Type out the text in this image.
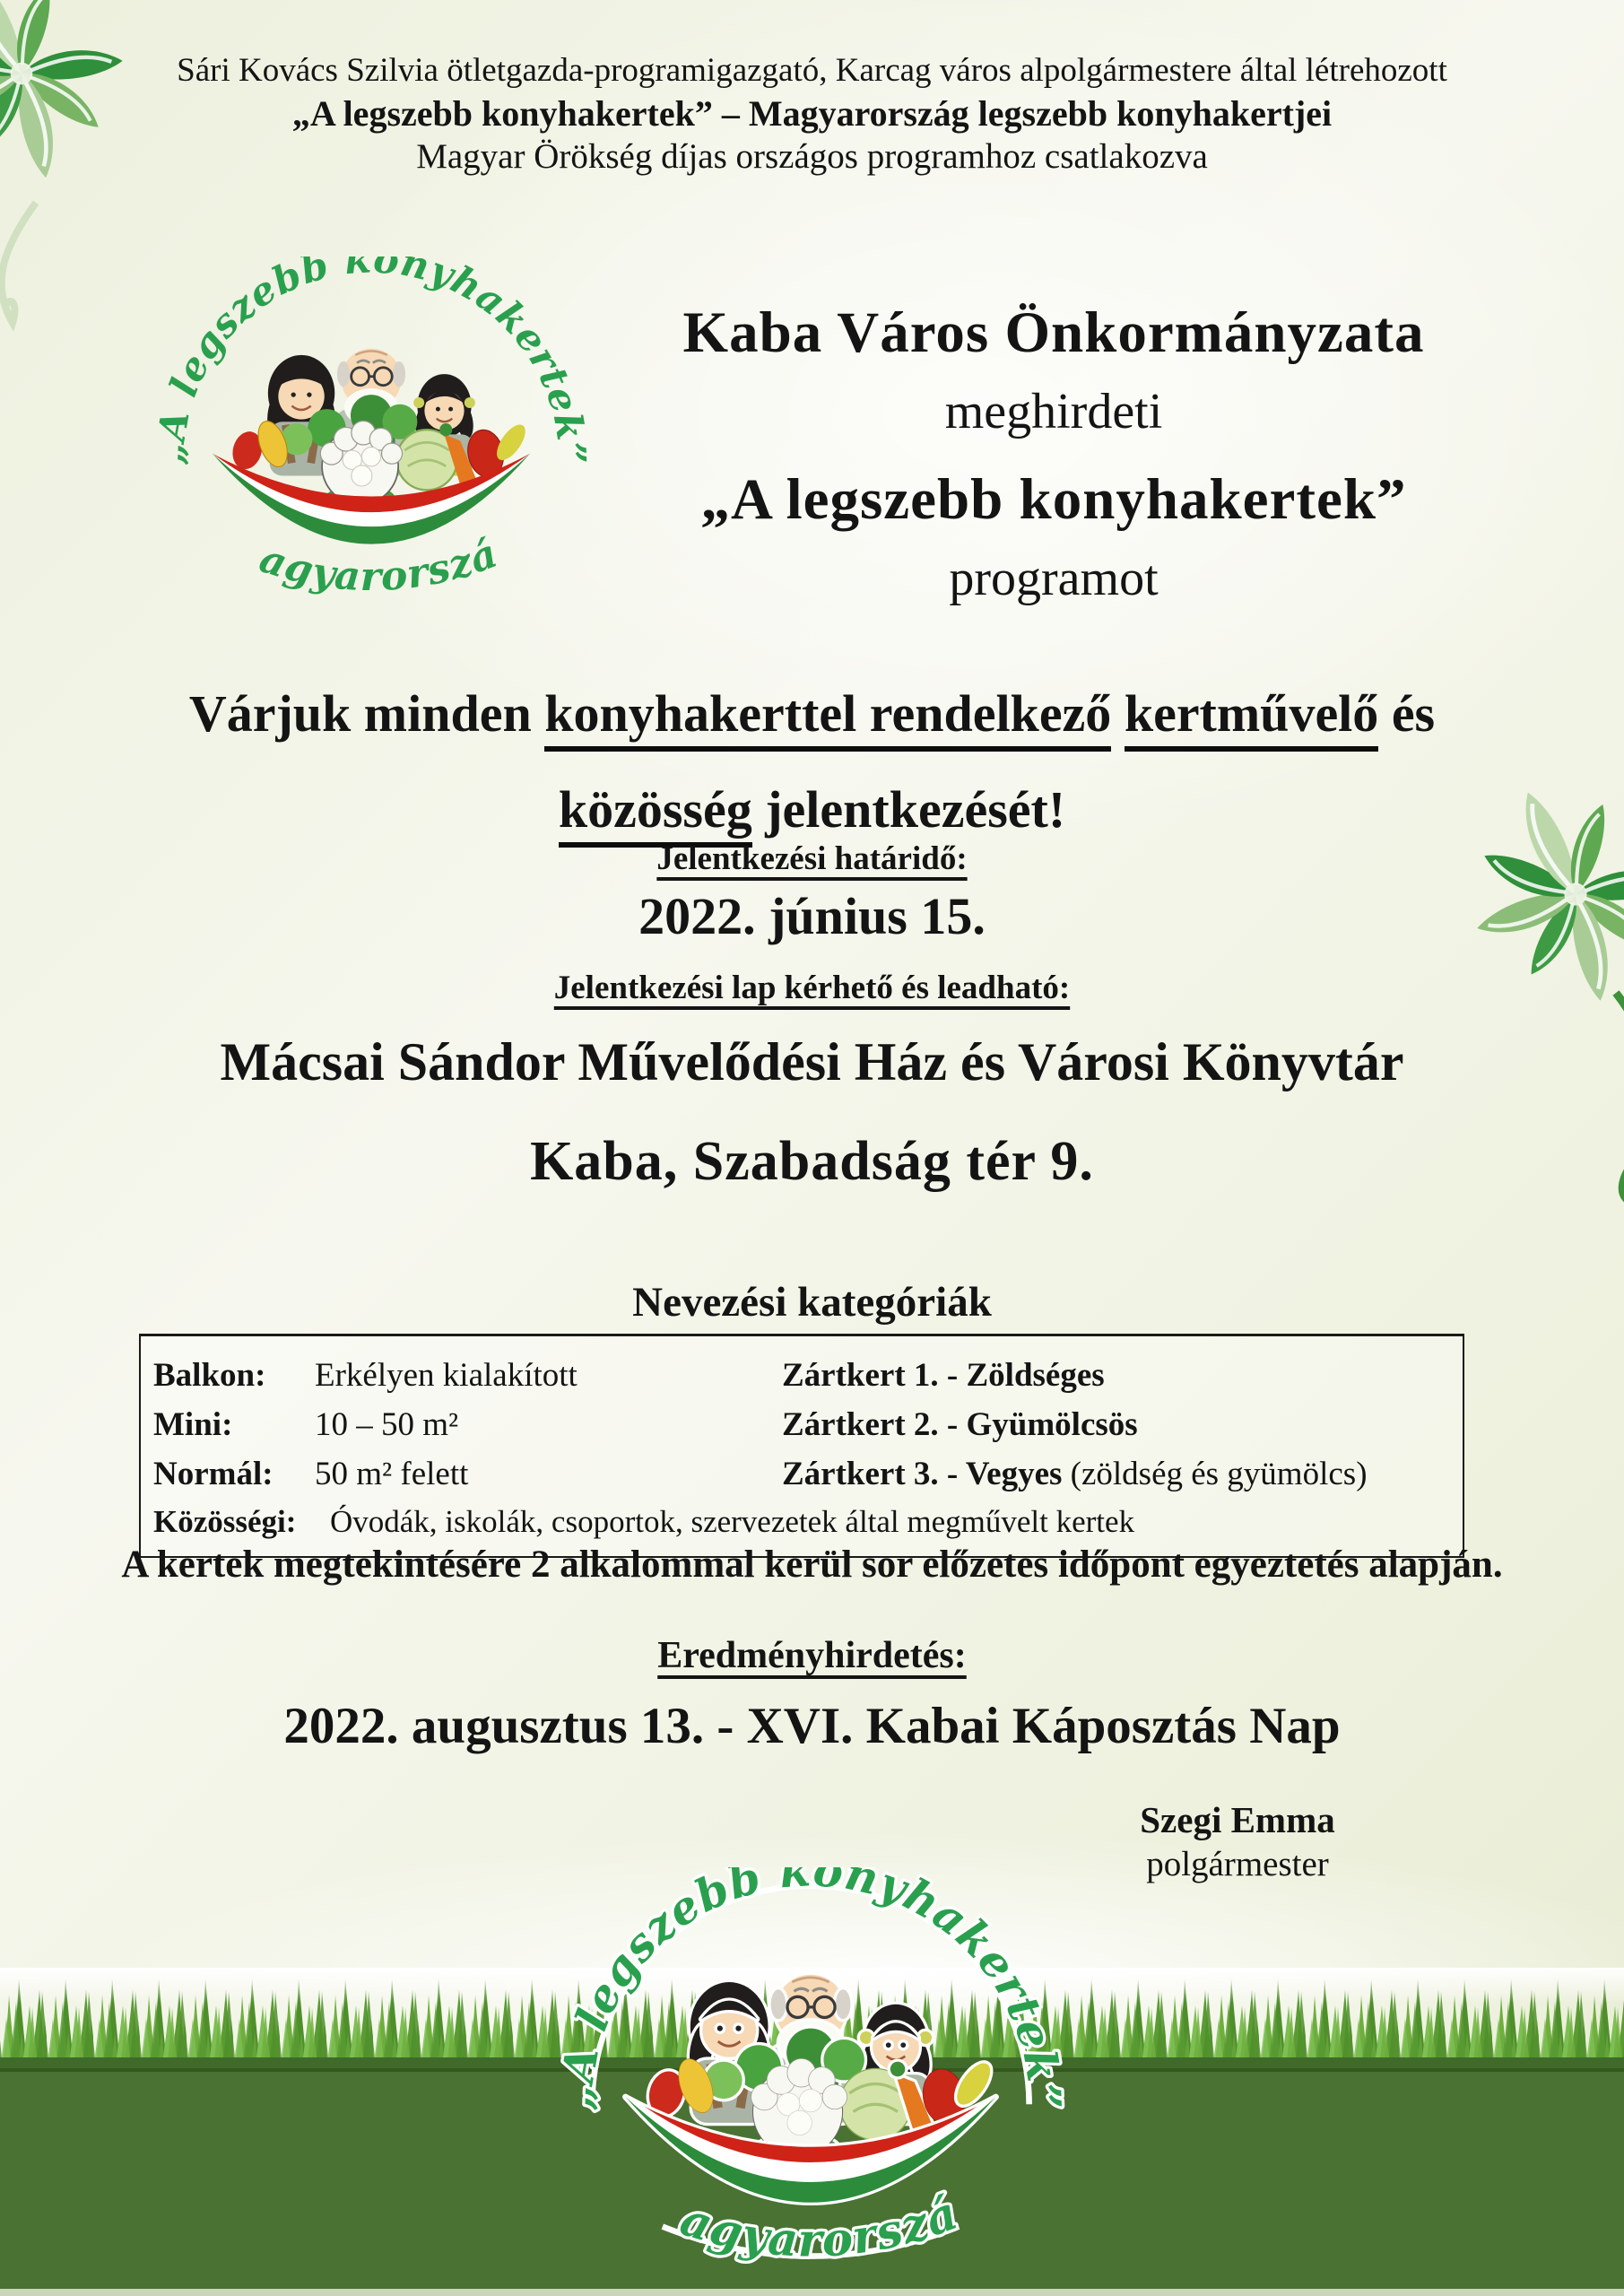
Sári Kovács Szilvia ötletgazda-programigazgató, Karcag város alpolgármestere által létrehozott
„A legszebb konyhakertek” – Magyarország legszebb konyhakertjei
Magyar Örökség díjas országos programhoz csatlakozva
Kaba Város Önkormányzata
meghirdeti
„A legszebb konyhakertek”
programot
Várjuk minden konyhakerttel rendelkező kertművelő és
közösség jelentkezését!
Jelentkezési határidő:
2022. június 15.
Jelentkezési lap kérhető és leadható:
Mácsai Sándor Művelődési Ház és Városi Könyvtár
Kaba, Szabadság tér 9.
Nevezési kategóriák
Balkon:	Erkélyen kialakított	Zártkert 1. - Zöldséges
Mini:	10 – 50 m²	Zártkert 2. - Gyümölcsös
Normál:	50 m² felett	Zártkert 3. - Vegyes (zöldség és gyümölcs)
Közösségi:	Óvodák, iskolák, csoportok, szervezetek által megművelt kertek
A kertek megtekintésére 2 alkalommal kerül sor előzetes időpont egyeztetés alapján.
Eredményhirdetés:
2022. augusztus 13. - XVI. Kabai Káposztás Nap
Szegi Emma
polgármester
